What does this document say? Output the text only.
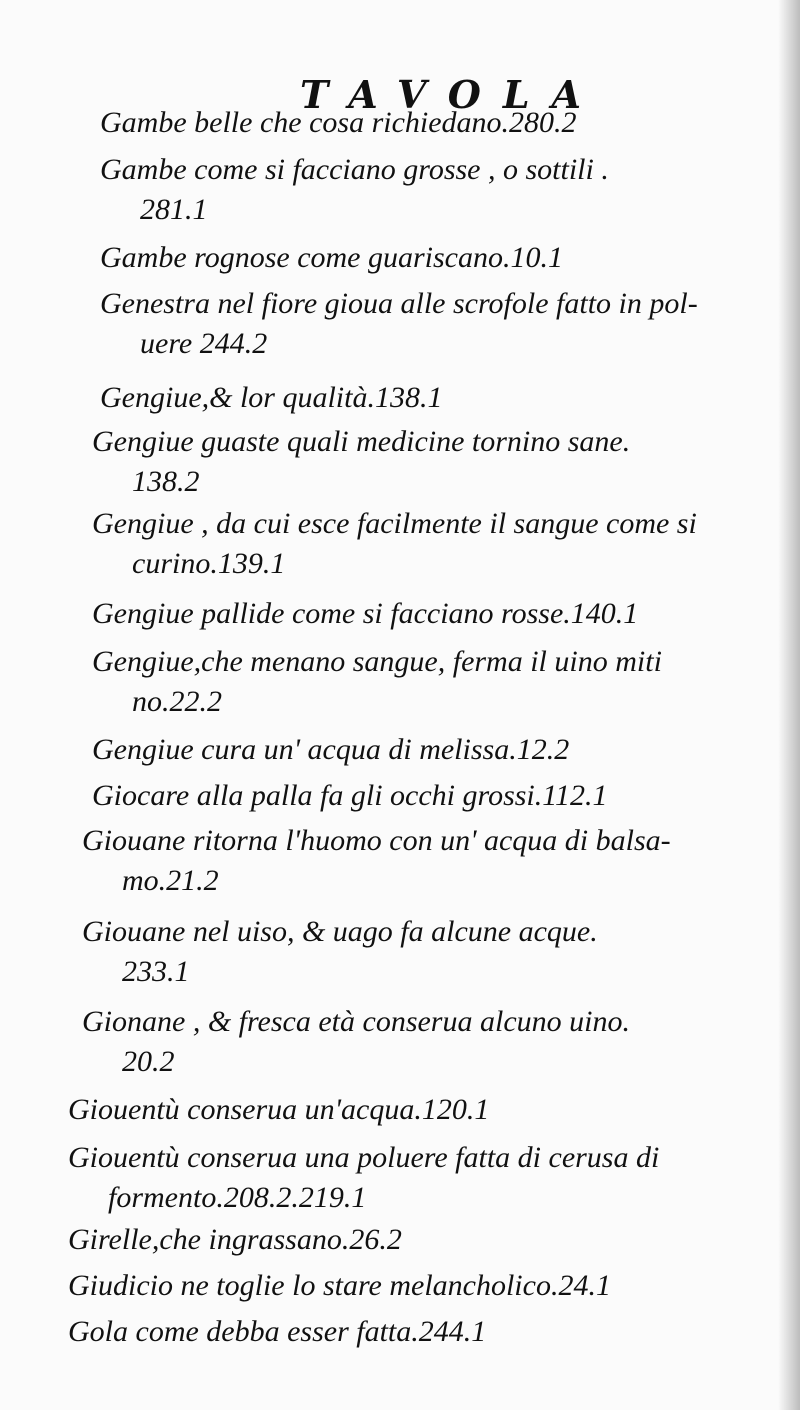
TAVOLA
Gambe belle che cosa richiedano.280.2
Gambe come si facciano grosse , o sottili .
281.1
Gambe rognose come guariscano.10.1
Genestra nel fiore gioua alle scrofole fatto in pol-
uere 244.2
Gengiue,& lor qualità.138.1
Gengiue guaste quali medicine tornino sane.
138.2
Gengiue , da cui esce facilmente il sangue come si
curino.139.1
Gengiue pallide come si facciano rosse.140.1
Gengiue,che menano sangue, ferma il uino miti
no.22.2
Gengiue cura un' acqua di melissa.12.2
Giocare alla palla fa gli occhi grossi.112.1
Giouane ritorna l'huomo con un' acqua di balsa-
mo.21.2
Giouane nel uiso, & uago fa alcune acque.
233.1
Gionane , & fresca età conserua alcuno uino.
20.2
Giouentù conserua un'acqua.120.1
Giouentù conserua una poluere fatta di cerusa di
formento.208.2.219.1
Girelle,che ingrassano.26.2
Giudicio ne toglie lo stare melancholico.24.1
Gola come debba esser fatta.244.1
